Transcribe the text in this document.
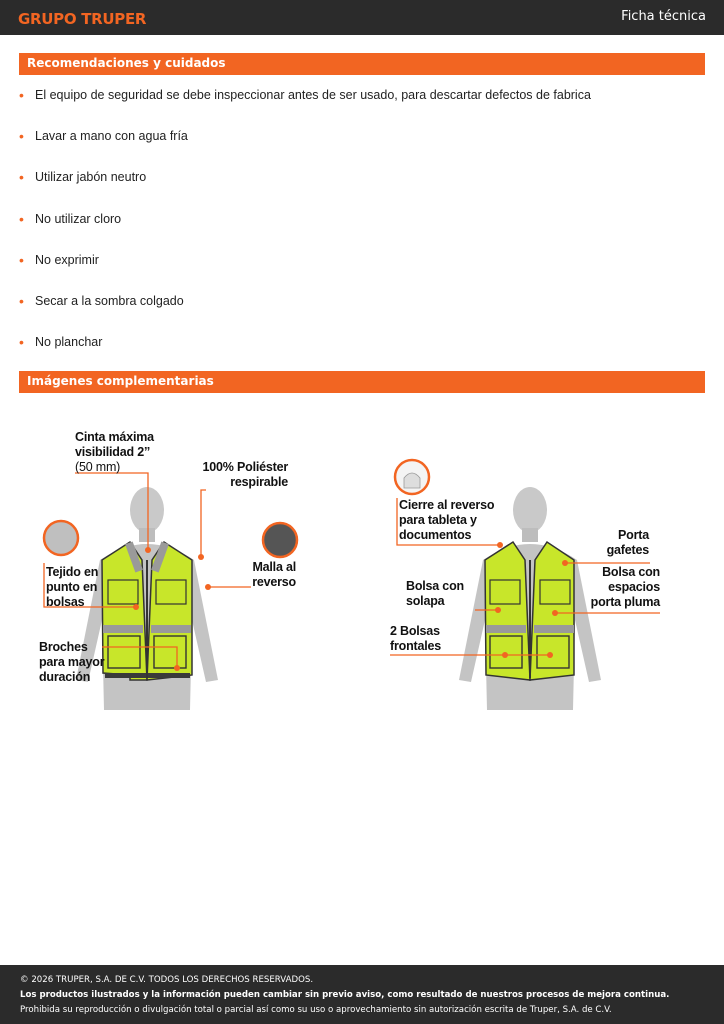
GRUPO TRUPER	Ficha técnica
Recomendaciones y cuidados
• El equipo de seguridad se debe inspeccionar antes de ser usado, para descartar defectos de fabrica
• Lavar a mano con agua fría
• Utilizar jabón neutro
• No utilizar cloro
• No exprimir
• Secar a la sombra colgado
• No planchar
Imágenes complementarias
Cinta máxima
visibilidad 2’’
(50 mm)	100% Poliéster
respirable
Tejido en
punto en
bolsas
Malla al
reverso
Broches
para mayor
duración
Cierre al reverso
para tableta y
documentos	Porta
gafetes
Bolsa con
solapa
Bolsa con
espacios
porta pluma
2 Bolsas
frontales
© 2026 TRUPER, S.A. DE C.V. TODOS LOS DERECHOS RESERVADOS.
Los productos ilustrados y la información pueden cambiar sin previo aviso, como resultado de nuestros procesos de mejora continua.
Prohibida su reproducción o divulgación total o parcial así como su uso o aprovechamiento sin autorización escrita de Truper, S.A. de C.V.
